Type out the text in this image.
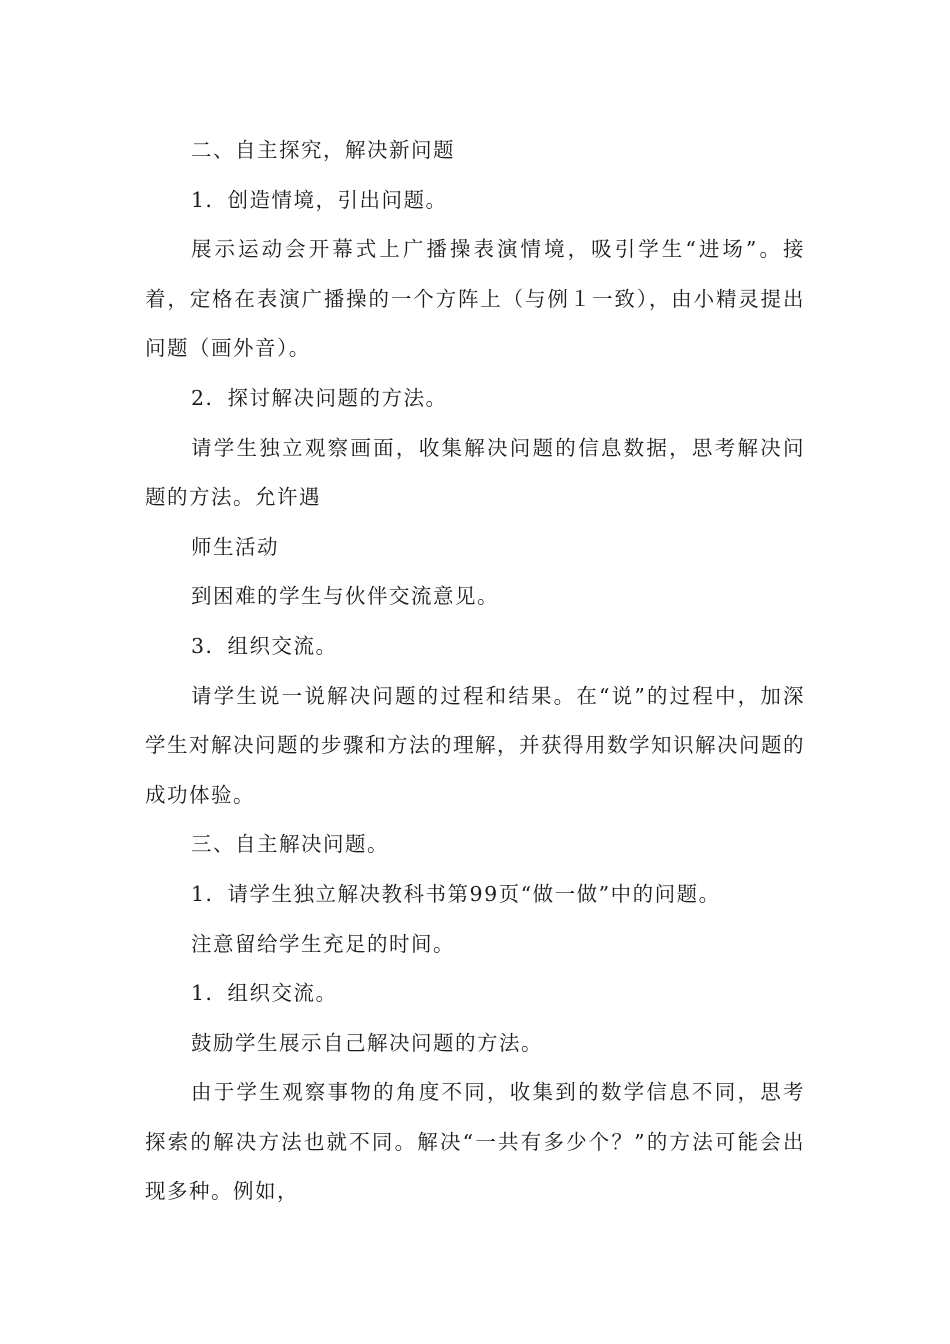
二、自主探究，解决新问题

1．创造情境，引出问题。

展示运动会开幕式上广播操表演情境，吸引学生“进场”。接着，定格在表演广播操的一个方阵上（与例１一致），由小精灵提出问题（画外音）。

2．探讨解决问题的方法。

请学生独立观察画面，收集解决问题的信息数据，思考解决问题的方法。允许遇

师生活动

到困难的学生与伙伴交流意见。

3．组织交流。

请学生说一说解决问题的过程和结果。在“说”的过程中，加深学生对解决问题的步骤和方法的理解，并获得用数学知识解决问题的成功体验。

三、自主解决问题。

1．请学生独立解决教科书第99页“做一做”中的问题。

注意留给学生充足的时间。

1．组织交流。

鼓励学生展示自己解决问题的方法。

由于学生观察事物的角度不同，收集到的数学信息不同，思考探索的解决方法也就不同。解决“一共有多少个？”的方法可能会出现多种。例如，
